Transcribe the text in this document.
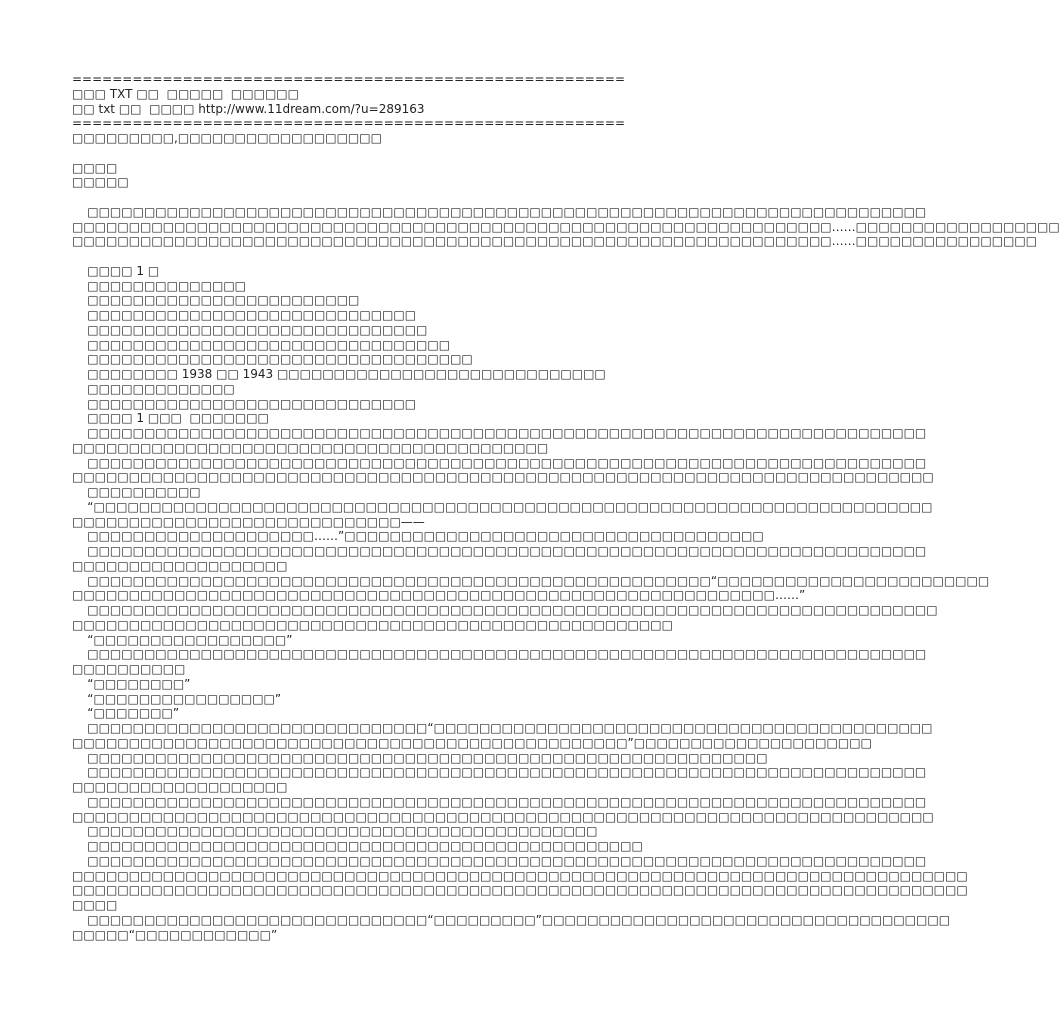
=======================================================
□□□ TXT □□  □□□□□  □□□□□□
□□ txt □□  □□□□ http://www.11dream.com/?u=289163
=======================================================
□□□□□□□□□,□□□□□□□□□□□□□□□□□□
□□□□
□□□□□
□□□□□□□□□□□□□□□□□□□□□□□□□□□□□□□□□□□□□□□□□□□□□□□□□□□□□□□□□□□□□□□□□□□□□□□□□□
□□□□□□□□□□□□□□□□□□□□□□□□□□□□□□□□□□□□□□□□□□□□□□□□□□□□□□□□□□□□□□□□□□□……□□□□□□□□□□□□□□□□□□
□□□□□□□□□□□□□□□□□□□□□□□□□□□□□□□□□□□□□□□□□□□□□□□□□□□□□□□□□□□□□□□□□□□……□□□□□□□□□□□□□□□□
□□□□ 1 □
□□□□□□□□□□□□□□
□□□□□□□□□□□□□□□□□□□□□□□□
□□□□□□□□□□□□□□□□□□□□□□□□□□□□□
□□□□□□□□□□□□□□□□□□□□□□□□□□□□□□
□□□□□□□□□□□□□□□□□□□□□□□□□□□□□□□□
□□□□□□□□□□□□□□□□□□□□□□□□□□□□□□□□□□
□□□□□□□□ 1938 □□ 1943 □□□□□□□□□□□□□□□□□□□□□□□□□□□□□
□□□□□□□□□□□□□
□□□□□□□□□□□□□□□□□□□□□□□□□□□□□
□□□□ 1 □□□  □□□□□□□
□□□□□□□□□□□□□□□□□□□□□□□□□□□□□□□□□□□□□□□□□□□□□□□□□□□□□□□□□□□□□□□□□□□□□□□□□□
□□□□□□□□□□□□□□□□□□□□□□□□□□□□□□□□□□□□□□□□□□
□□□□□□□□□□□□□□□□□□□□□□□□□□□□□□□□□□□□□□□□□□□□□□□□□□□□□□□□□□□□□□□□□□□□□□□□□□
□□□□□□□□□□□□□□□□□□□□□□□□□□□□□□□□□□□□□□□□□□□□□□□□□□□□□□□□□□□□□□□□□□□□□□□□□□□□
□□□□□□□□□□
“□□□□□□□□□□□□□□□□□□□□□□□□□□□□□□□□□□□□□□□□□□□□□□□□□□□□□□□□□□□□□□□□□□□□□□□□□□
□□□□□□□□□□□□□□□□□□□□□□□□□□□□□——
□□□□□□□□□□□□□□□□□□□□……”□□□□□□□□□□□□□□□□□□□□□□□□□□□□□□□□□□□□□
□□□□□□□□□□□□□□□□□□□□□□□□□□□□□□□□□□□□□□□□□□□□□□□□□□□□□□□□□□□□□□□□□□□□□□□□□□
□□□□□□□□□□□□□□□□□□□
□□□□□□□□□□□□□□□□□□□□□□□□□□□□□□□□□□□□□□□□□□□□□□□□□□□□□□□“□□□□□□□□□□□□□□□□□□□□□□□□
□□□□□□□□□□□□□□□□□□□□□□□□□□□□□□□□□□□□□□□□□□□□□□□□□□□□□□□□□□□□□□……”
□□□□□□□□□□□□□□□□□□□□□□□□□□□□□□□□□□□□□□□□□□□□□□□□□□□□□□□□□□□□□□□□□□□□□□□□□□□
□□□□□□□□□□□□□□□□□□□□□□□□□□□□□□□□□□□□□□□□□□□□□□□□□□□□□
“□□□□□□□□□□□□□□□□□”
□□□□□□□□□□□□□□□□□□□□□□□□□□□□□□□□□□□□□□□□□□□□□□□□□□□□□□□□□□□□□□□□□□□□□□□□□□
□□□□□□□□□□
“□□□□□□□□”
“□□□□□□□□□□□□□□□□”
“□□□□□□□”
□□□□□□□□□□□□□□□□□□□□□□□□□□□□□□“□□□□□□□□□□□□□□□□□□□□□□□□□□□□□□□□□□□□□□□□□□□□
□□□□□□□□□□□□□□□□□□□□□□□□□□□□□□□□□□□□□□□□□□□□□□□□□”□□□□□□□□□□□□□□□□□□□□□
□□□□□□□□□□□□□□□□□□□□□□□□□□□□□□□□□□□□□□□□□□□□□□□□□□□□□□□□□□□□
□□□□□□□□□□□□□□□□□□□□□□□□□□□□□□□□□□□□□□□□□□□□□□□□□□□□□□□□□□□□□□□□□□□□□□□□□□
□□□□□□□□□□□□□□□□□□□
□□□□□□□□□□□□□□□□□□□□□□□□□□□□□□□□□□□□□□□□□□□□□□□□□□□□□□□□□□□□□□□□□□□□□□□□□□
□□□□□□□□□□□□□□□□□□□□□□□□□□□□□□□□□□□□□□□□□□□□□□□□□□□□□□□□□□□□□□□□□□□□□□□□□□□□
□□□□□□□□□□□□□□□□□□□□□□□□□□□□□□□□□□□□□□□□□□□□□
□□□□□□□□□□□□□□□□□□□□□□□□□□□□□□□□□□□□□□□□□□□□□□□□□
□□□□□□□□□□□□□□□□□□□□□□□□□□□□□□□□□□□□□□□□□□□□□□□□□□□□□□□□□□□□□□□□□□□□□□□□□□
□□□□□□□□□□□□□□□□□□□□□□□□□□□□□□□□□□□□□□□□□□□□□□□□□□□□□□□□□□□□□□□□□□□□□□□□□□□□□□□
□□□□□□□□□□□□□□□□□□□□□□□□□□□□□□□□□□□□□□□□□□□□□□□□□□□□□□□□□□□□□□□□□□□□□□□□□□□□□□□
□□□□
□□□□□□□□□□□□□□□□□□□□□□□□□□□□□□“□□□□□□□□□”□□□□□□□□□□□□□□□□□□□□□□□□□□□□□□□□□□□□
□□□□□“□□□□□□□□□□□□”
